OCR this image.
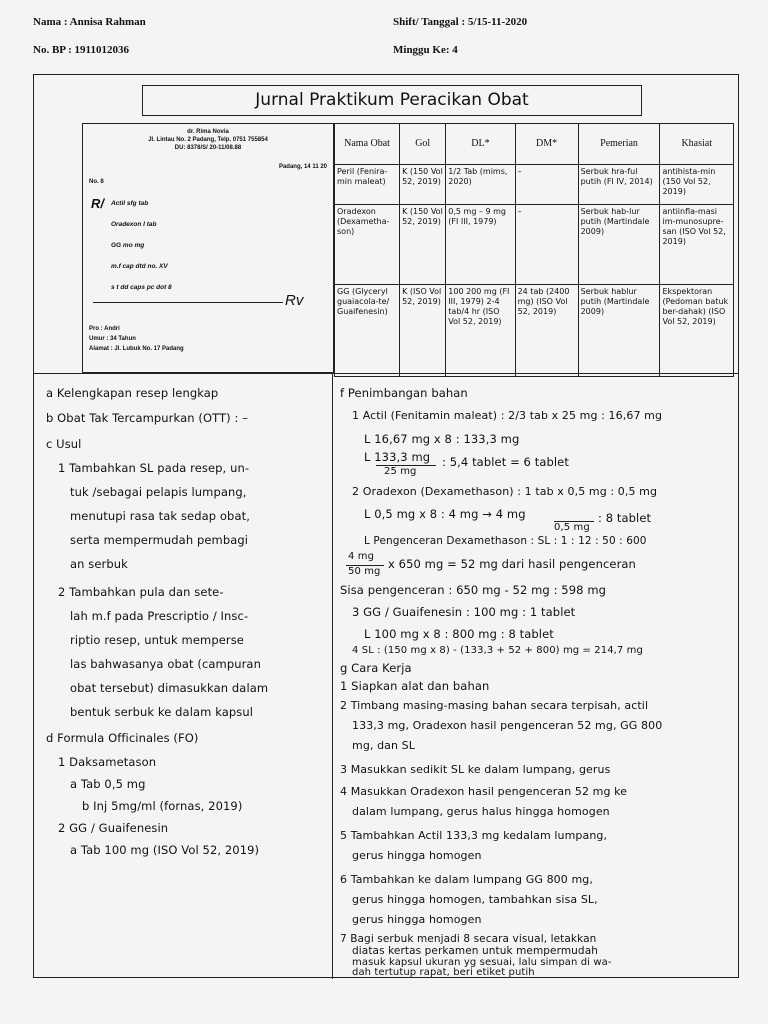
Nama : Annisa Rahman
No. BP : 1911012036
Shift/ Tanggal : 5/15-11-2020
Minggu Ke: 4
Jurnal Praktikum Peracikan Obat
dr. Rima Novia
Jl. Lintau No. 2 Padang, Telp. 0751 755854
DU: 8378/S/ 20-11/08.88
Padang, 14 11 20
No. 8
R/ Actil sfg tab
Oradexon I tab
GG mo mg
m.f cap dtd no. XV
s t dd caps pc dot 8
Rv
Pro : Andri
Umur : 34 Tahun
Alamat : Jl. Lubuk No. 17 Padang
Nama Obat	Gol	DL*	DM*	Pemerian	Khasiat
Peril (Fenira-min maleat)	K (150 Vol 52, 2019)	1/2 Tab (mims, 2020)	–	Serbuk hra-ful putih (FI IV, 2014)	antihista-min (150 Vol 52, 2019)
Oradexon (Dexametha-son)	K (150 Vol 52, 2019)	0,5 mg – 9 mg (FI III, 1979)	–	Serbuk hab-lur putih (Martindale 2009)	antiinfla-masi im-munosupre-san (ISO Vol 52, 2019)
GG (Glyceryl guaiacola-te/ Guaifenesin)	K (ISO Vol 52, 2019)	100 200 mg (FI III, 1979) 2-4 tab/4 hr (ISO Vol 52, 2019)	24 tab (2400 mg) (ISO Vol 52, 2019)	Serbuk hablur putih (Martindale 2009)	Ekspektoran (Pedoman batuk ber-dahak) (ISO Vol 52, 2019)
a Kelengkapan resep lengkap
b Obat Tak Tercampurkan (OTT) : –
c Usul
1 Tambahkan SL pada resep, un-
tuk /sebagai pelapis lumpang,
menutupi rasa tak sedap obat,
serta mempermudah pembagi
an serbuk
2 Tambahkan pula dan sete-
lah m.f pada Prescriptio / Insc-
riptio resep, untuk memperse
las bahwasanya obat (campuran
obat tersebut) dimasukkan dalam
bentuk serbuk ke dalam kapsul
d Formula Officinales (FO)
1 Daksametason
a Tab 0,5 mg
b Inj 5mg/ml (fornas, 2019)
2 GG / Guaifenesin
a Tab 100 mg (ISO Vol 52, 2019)
f Penimbangan bahan
1 Actil (Fenitamin maleat) : 2/3 tab x 25 mg : 16,67 mg
L 16,67 mg x 8 : 133,3 mg
L 133,3 mg
25 mg
: 5,4 tablet = 6 tablet
2 Oradexon (Dexamethason) : 1 tab x 0,5 mg : 0,5 mg
L 0,5 mg x 8 : 4 mg → 4 mg
0,5 mg
: 8 tablet
L Pengenceran Dexamethason : SL : 1 : 12 : 50 : 600
4 mg
50 mg
x 650 mg = 52 mg dari hasil pengenceran
Sisa pengenceran : 650 mg - 52 mg : 598 mg
3 GG / Guaifenesin : 100 mg : 1 tablet
L 100 mg x 8 : 800 mg : 8 tablet
4 SL : (150 mg x 8) - (133,3 + 52 + 800) mg = 214,7 mg
g Cara Kerja
1 Siapkan alat dan bahan
2 Timbang masing-masing bahan secara terpisah, actil
133,3 mg, Oradexon hasil pengenceran 52 mg, GG 800
mg, dan SL
3 Masukkan sedikit SL ke dalam lumpang, gerus
4 Masukkan Oradexon hasil pengenceran 52 mg ke
dalam lumpang, gerus halus hingga homogen
5 Tambahkan Actil 133,3 mg kedalam lumpang,
gerus hingga homogen
6 Tambahkan ke dalam lumpang GG 800 mg,
gerus hingga homogen, tambahkan sisa SL,
gerus hingga homogen
7 Bagi serbuk menjadi 8 secara visual, letakkan
diatas kertas perkamen untuk mempermudah
masuk kapsul ukuran yg sesuai, lalu simpan di wa-
dah tertutup rapat, beri etiket putih
